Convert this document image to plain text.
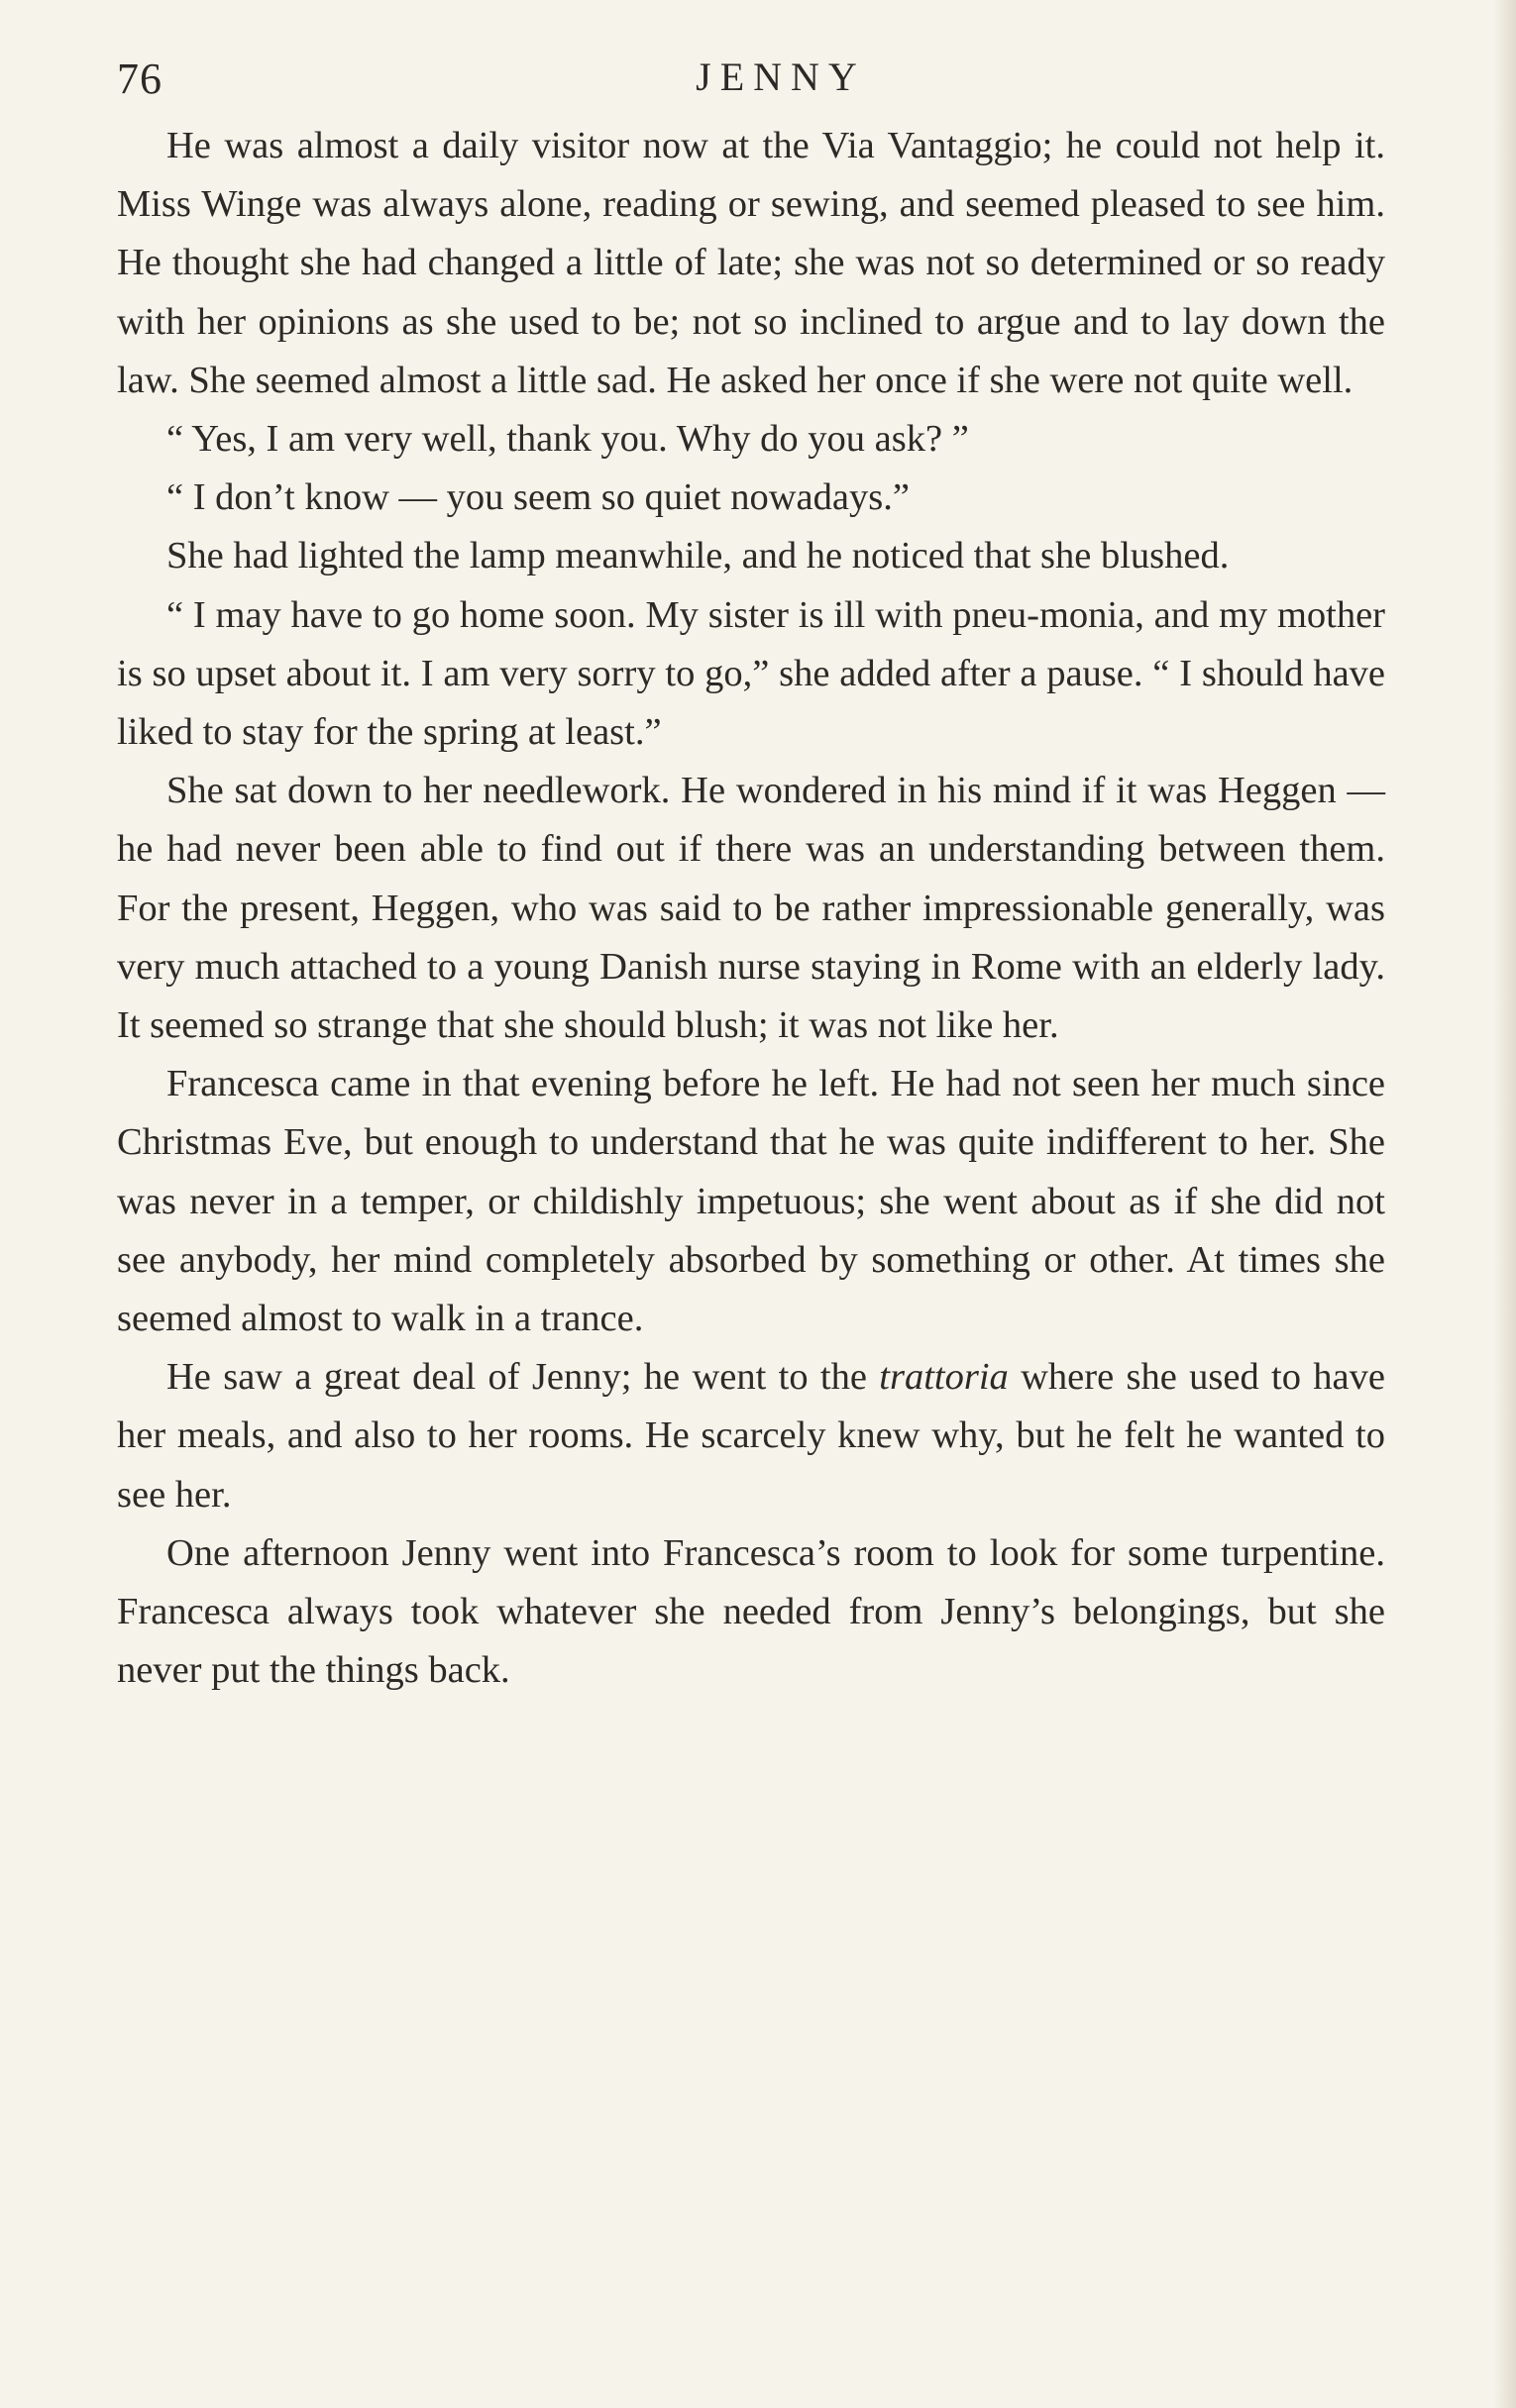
76	JENNY

He was almost a daily visitor now at the Via Vantaggio; he could not help it. Miss Winge was always alone, reading or sewing, and seemed pleased to see him. He thought she had changed a little of late; she was not so determined or so ready with her opinions as she used to be; not so inclined to argue and to lay down the law. She seemed almost a little sad. He asked her once if she were not quite well.

“ Yes, I am very well, thank you. Why do you ask? ”

“ I don’t know — you seem so quiet nowadays.”

She had lighted the lamp meanwhile, and he noticed that she blushed.

“ I may have to go home soon. My sister is ill with pneu-monia, and my mother is so upset about it. I am very sorry to go,” she added after a pause. “ I should have liked to stay for the spring at least.”

She sat down to her needlework. He wondered in his mind if it was Heggen — he had never been able to find out if there was an understanding between them. For the present, Heggen, who was said to be rather impressionable generally, was very much attached to a young Danish nurse staying in Rome with an elderly lady. It seemed so strange that she should blush; it was not like her.

Francesca came in that evening before he left. He had not seen her much since Christmas Eve, but enough to understand that he was quite indifferent to her. She was never in a temper, or childishly impetuous; she went about as if she did not see anybody, her mind completely absorbed by something or other. At times she seemed almost to walk in a trance.

He saw a great deal of Jenny; he went to the trattoria where she used to have her meals, and also to her rooms. He scarcely knew why, but he felt he wanted to see her.

One afternoon Jenny went into Francesca’s room to look for some turpentine. Francesca always took whatever she needed from Jenny’s belongings, but she never put the things back.
